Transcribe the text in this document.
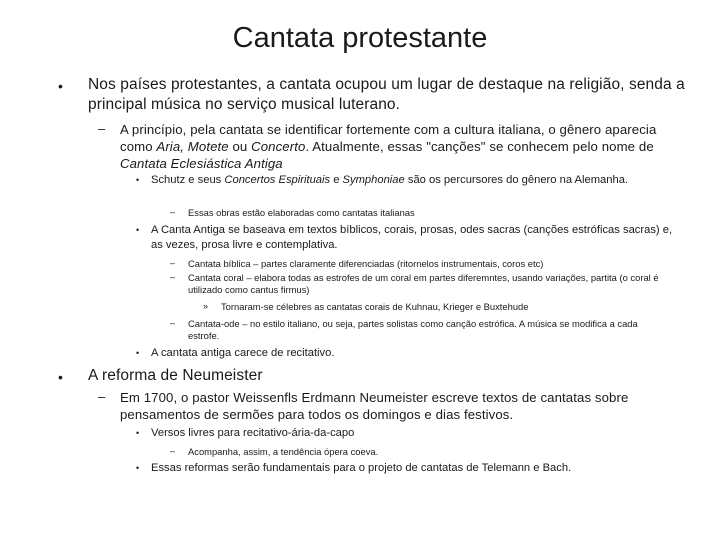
Cantata protestante
• Nos países protestantes, a cantata ocupou um lugar de destaque na religião, senda a principal música no serviço musical luterano.
– A princípio, pela cantata se identificar fortemente com a cultura italiana, o gênero aparecia como Aria, Motete ou Concerto. Atualmente, essas "canções" se conhecem pelo nome de Cantata Eclesiástica Antiga
• Schutz e seus Concertos Espirituais e Symphoniae são os percursores do gênero na Alemanha.
– Essas obras estão elaboradas como cantatas italianas
• A Canta Antiga se baseava em textos bíblicos, corais, prosas, odes sacras (canções estróficas sacras) e, as vezes, prosa livre e contemplativa.
– Cantata bíblica – partes claramente diferenciadas (ritornelos instrumentais, coros etc)
– Cantata coral – elabora todas as estrofes de um coral em partes diferemntes, usando variações, partita (o coral é utilizado como cantus firmus)
» Tornaram-se célebres as cantatas corais de Kuhnau, Krieger e Buxtehude
– Cantata-ode – no estilo italiano, ou seja, partes solistas como canção estrófica. A música se modifica a cada estrofe.
• A cantata antiga carece de recitativo.
• A reforma de Neumeister
– Em 1700, o pastor Weissenfls Erdmann Neumeister escreve textos de cantatas sobre pensamentos de sermões para todos os domingos e dias festivos.
• Versos livres para recitativo-ária-da-capo
– Acompanha, assim, a tendência ópera coeva.
• Essas reformas serão fundamentais para o projeto de cantatas de Telemann e Bach.
